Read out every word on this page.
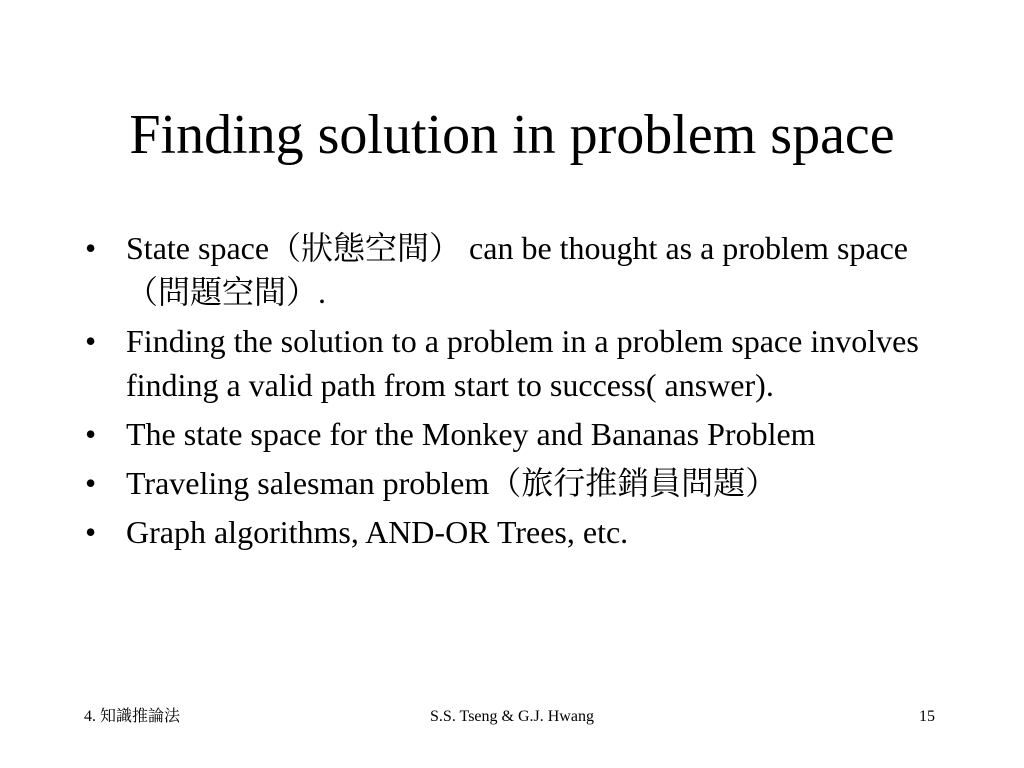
Finding solution in problem space
• State space（狀態空間） can be thought as a problem space（問題空間）.
• Finding the solution to a problem in a problem space involves finding a valid path from start to success( answer).
• The state space for the Monkey and Bananas Problem
• Traveling salesman problem（旅行推銷員問題）
• Graph algorithms, AND-OR Trees, etc.
4. 知識推論法	S.S. Tseng & G.J. Hwang	15
